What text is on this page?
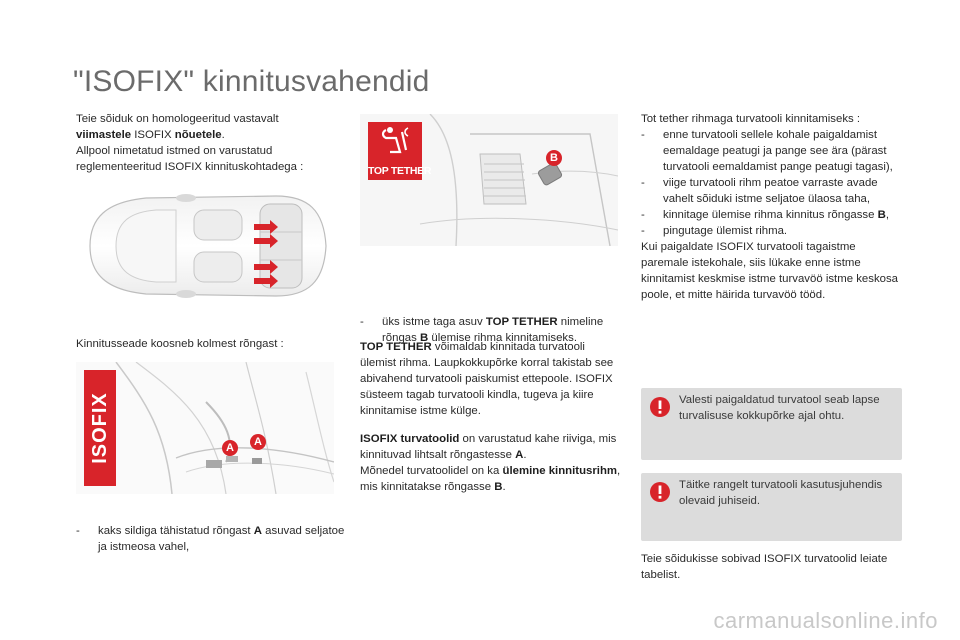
"ISOFIX" kinnitusvahendid

Teie sõiduk on homologeeritud vastavalt viimastele ISOFIX nõuetele.

Allpool nimetatud istmed on varustatud reglementeeritud ISOFIX kinnituskohtadega :

Kinnitusseade koosneb kolmest rõngast :
ISOFIX	A	A
- kaks sildiga tähistatud rõngast A asuvad seljatoe ja istmeosa vahel,
TOP TETHER
B
- üks istme taga asuv TOP TETHER nimeline rõngas B ülemise rihma kinnitamiseks.
TOP TETHER võimaldab kinnitada turvatooli ülemist rihma. Laupkokkupõrke korral takistab see abivahend turvatooli paiskumist ettepoole. ISOFIX süsteem tagab turvatooli kindla, tugeva ja kiire kinnitamise istme külge.
ISOFIX turvatoolid on varustatud kahe riiviga, mis kinnituvad lihtsalt rõngastesse A.
Mõnedel turvatoolidel on ka ülemine kinnitusrihm, mis kinnitatakse rõngasse B.

Tot tether rihmaga turvatooli kinnitamiseks :

- enne turvatooli sellele kohale paigaldamist eemaldage peatugi ja pange see ära (pärast turvatooli eemaldamist pange peatugi tagasi),

- viige turvatooli rihm peatoe varraste avade vahelt sõiduki istme seljatoe ülaosa taha,

- kinnitage ülemise rihma kinnitus rõngasse B,

- pingutage ülemist rihma.

Kui paigaldate ISOFIX turvatooli tagaistme paremale istekohale, siis lükake enne istme kinnitamist keskmise istme turvavöö istme keskosa poole, et mitte häirida turvavöö tööd.

Valesti paigaldatud turvatool seab lapse turvalisuse kokkupõrke ajal ohtu.
Täitke rangelt turvatooli kasutusjuhendis olevaid juhiseid.
Teie sõidukisse sobivad ISOFIX turvatoolid leiate tabelist.
carmanualsonline.info
